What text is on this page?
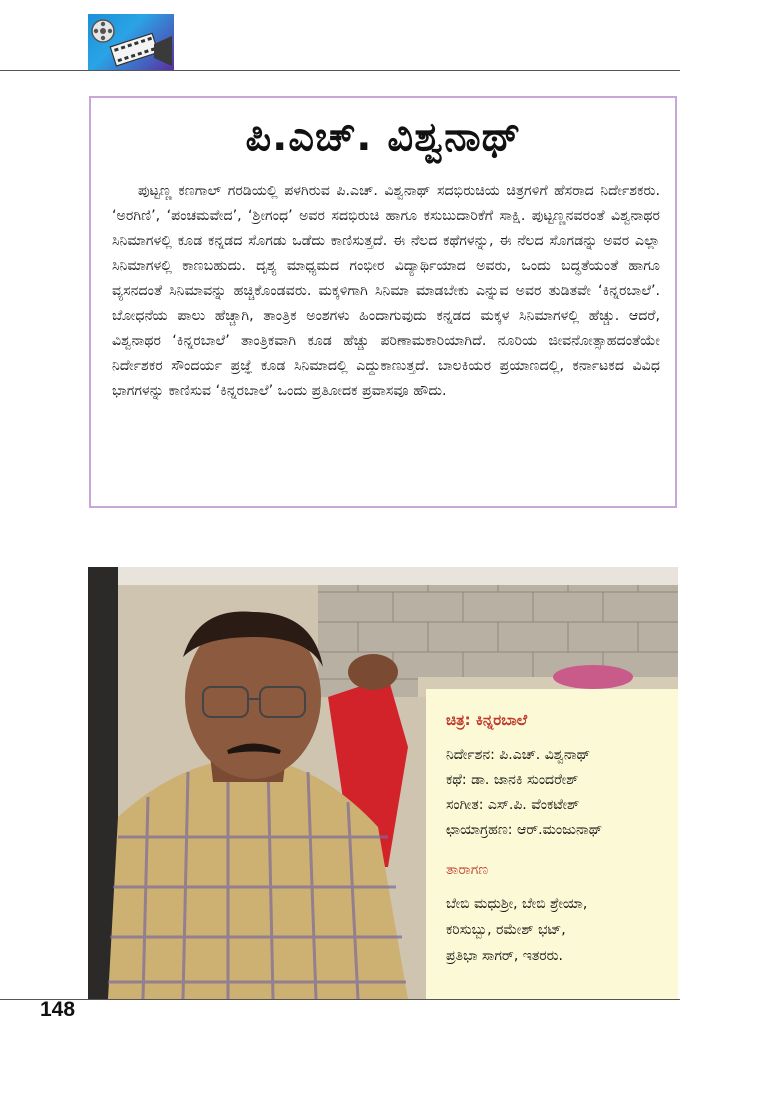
ಪಿ.ಎಚ್. ವಿಶ್ವನಾಥ್

ಪುಟ್ಟಣ್ಣ ಕಣಗಾಲ್ ಗರಡಿಯಲ್ಲಿ ಪಳಗಿರುವ ಪಿ.ಎಚ್. ವಿಶ್ವನಾಥ್ ಸದಭಿರುಚಿಯ ಚಿತ್ರಗಳಿಗೆ ಹೆಸರಾದ ನಿರ್ದೇಶಕರು. ‘ಅರಗಿಣಿ’, ‘ಪಂಚಮವೇದ’, ‘ಶ್ರೀಗಂಧ’ ಅವರ ಸದಭಿರುಚಿ ಹಾಗೂ ಕಸುಬುದಾರಿಕೆಗೆ ಸಾಕ್ಷಿ. ಪುಟ್ಟಣ್ಣನವರಂತೆ ವಿಶ್ವನಾಥರ ಸಿನಿಮಾಗಳಲ್ಲಿ ಕೂಡ ಕನ್ನಡದ ಸೊಗಡು ಒಡೆದು ಕಾಣಿಸುತ್ತದೆ. ಈ ನೆಲದ ಕಥೆಗಳನ್ನು, ಈ ನೆಲದ ಸೊಗಡನ್ನು ಅವರ ಎಲ್ಲಾ ಸಿನಿಮಾಗಳಲ್ಲಿ ಕಾಣಬಹುದು. ದೃಶ್ಯ ಮಾಧ್ಯಮದ ಗಂಭೀರ ವಿದ್ಯಾರ್ಥಿಯಾದ ಅವರು, ಒಂದು ಬದ್ಧತೆಯಂತೆ ಹಾಗೂ ವ್ಯಸನದಂತೆ ಸಿನಿಮಾವನ್ನು ಹಚ್ಚಿಕೊಂಡವರು. ಮಕ್ಕಳಿಗಾಗಿ ಸಿನಿಮಾ ಮಾಡಬೇಕು ಎನ್ನುವ ಅವರ ತುಡಿತವೇ ‘ಕಿನ್ನರಬಾಲೆ’. ಬೋಧನೆಯ ಪಾಲು ಹೆಚ್ಚಾಗಿ, ತಾಂತ್ರಿಕ ಅಂಶಗಳು ಹಿಂದಾಗುವುದು ಕನ್ನಡದ ಮಕ್ಕಳ ಸಿನಿಮಾಗಳಲ್ಲಿ ಹೆಚ್ಚು. ಆದರೆ, ವಿಶ್ವನಾಥರ ‘ಕಿನ್ನರಬಾಲೆ’ ತಾಂತ್ರಿಕವಾಗಿ ಕೂಡ ಹೆಚ್ಚು ಪರಿಣಾಮಕಾರಿಯಾಗಿದೆ. ನೂರಿಯ ಜೀವನೋತ್ಸಾಹದಂತೆಯೇ ನಿರ್ದೇಶಕರ ಸೌಂದರ್ಯ ಪ್ರಜ್ಞೆ ಕೂಡ ಸಿನಿಮಾದಲ್ಲಿ ಎದ್ದುಕಾಣುತ್ತದೆ. ಬಾಲಕಿಯರ ಪ್ರಯಾಣದಲ್ಲಿ, ಕರ್ನಾಟಕದ ವಿವಿಧ ಭಾಗಗಳನ್ನು ಕಾಣಿಸುವ ‘ಕಿನ್ನರಬಾಲೆ’ ಒಂದು ಪ್ರತೀೂದಕ ಪ್ರವಾಸವೂ ಹೌದು.

ಚಿತ್ರ: ಕಿನ್ನರಬಾಲೆ
ನಿರ್ದೇಶನ: ಪಿ.ಎಚ್. ವಿಶ್ವನಾಥ್
ಕಥೆ: ಡಾ. ಜಾನಕಿ ಸುಂದರೇಶ್
ಸಂಗೀತ: ಎಸ್.ಪಿ. ವೆಂಕಟೇಶ್
ಛಾಯಾಗ್ರಹಣ: ಆರ್.ಮಂಜುನಾಥ್
ತಾರಾಗಣ
ಬೇಬಿ ಮಧುಶ್ರೀ, ಬೇಬಿ ಶ್ರೇಯಾ,
ಕರಿಸುಬ್ಬು, ರಮೇಶ್ ಭಟ್,
ಪ್ರತಿಭಾ ಸಾಗರ್, ಇತರರು.
148
